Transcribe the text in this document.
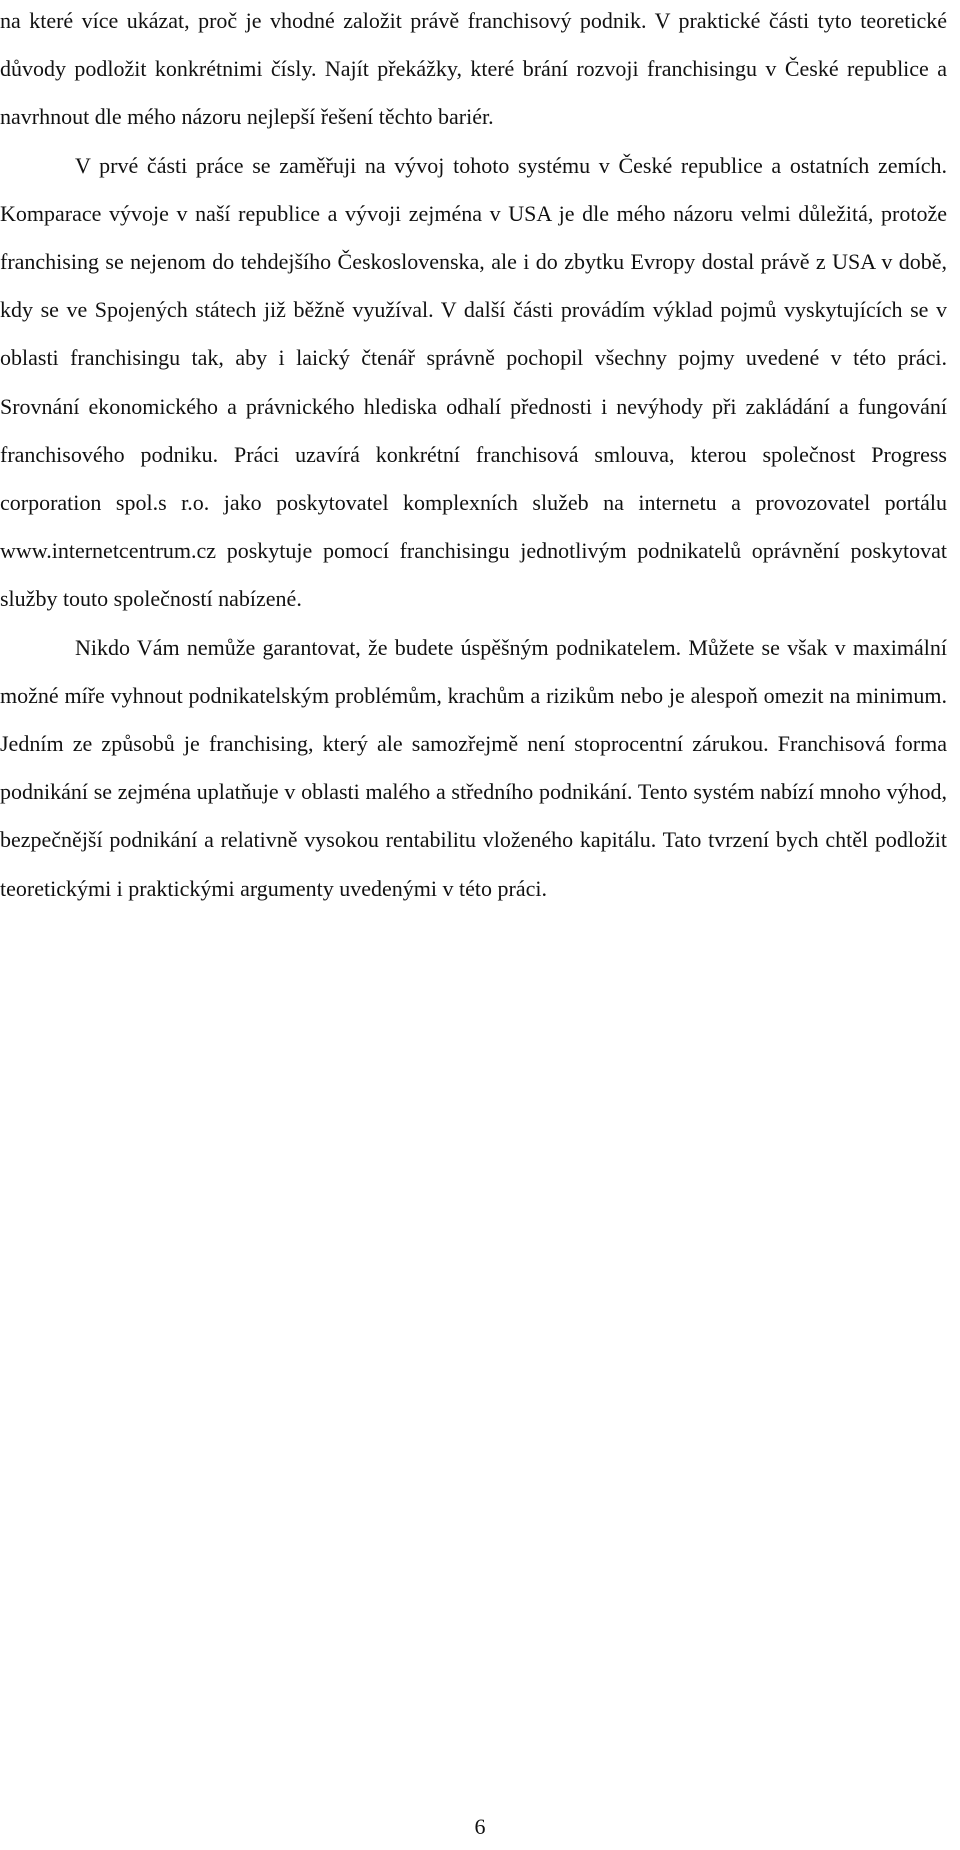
na které více ukázat, proč je vhodné založit právě franchisový podnik. V praktické části tyto teoretické důvody podložit konkrétnimi čísly. Najít překážky, které brání rozvoji franchisingu v České republice a navrhnout dle mého názoru nejlepší řešení těchto bariér.

V prvé části práce se zaměřuji na vývoj tohoto systému v České republice a ostatních zemích. Komparace vývoje v naší republice a vývoji zejména v USA je dle mého názoru velmi důležitá, protože franchising se nejenom do tehdejšího Československa, ale i do zbytku Evropy dostal právě z USA v době, kdy se ve Spojených státech již běžně využíval. V další části provádím výklad pojmů vyskytujících se v oblasti franchisingu tak, aby i laický čtenář správně pochopil všechny pojmy uvedené v této práci. Srovnání ekonomického a právnického hlediska odhalí přednosti i nevýhody při zakládání a fungování franchisového podniku. Práci uzavírá konkrétní franchisová smlouva, kterou společnost Progress corporation spol.s r.o. jako poskytovatel komplexních služeb na internetu a provozovatel portálu www.internetcentrum.cz poskytuje pomocí franchisingu jednotlivým podnikatelů oprávnění poskytovat služby touto společností nabízené.

Nikdo Vám nemůže garantovat, že budete úspěšným podnikatelem. Můžete se však v maximální možné míře vyhnout podnikatelským problémům, krachům a rizikům nebo je alespoň omezit na minimum. Jedním ze způsobů je franchising, který ale samozřejmě není stoprocentní zárukou. Franchisová forma podnikání se zejména uplatňuje v oblasti malého a středního podnikání. Tento systém nabízí mnoho výhod, bezpečnější podnikání a relativně vysokou rentabilitu vloženého kapitálu. Tato tvrzení bych chtěl podložit teoretickými i praktickými argumenty uvedenými v této práci.

6
